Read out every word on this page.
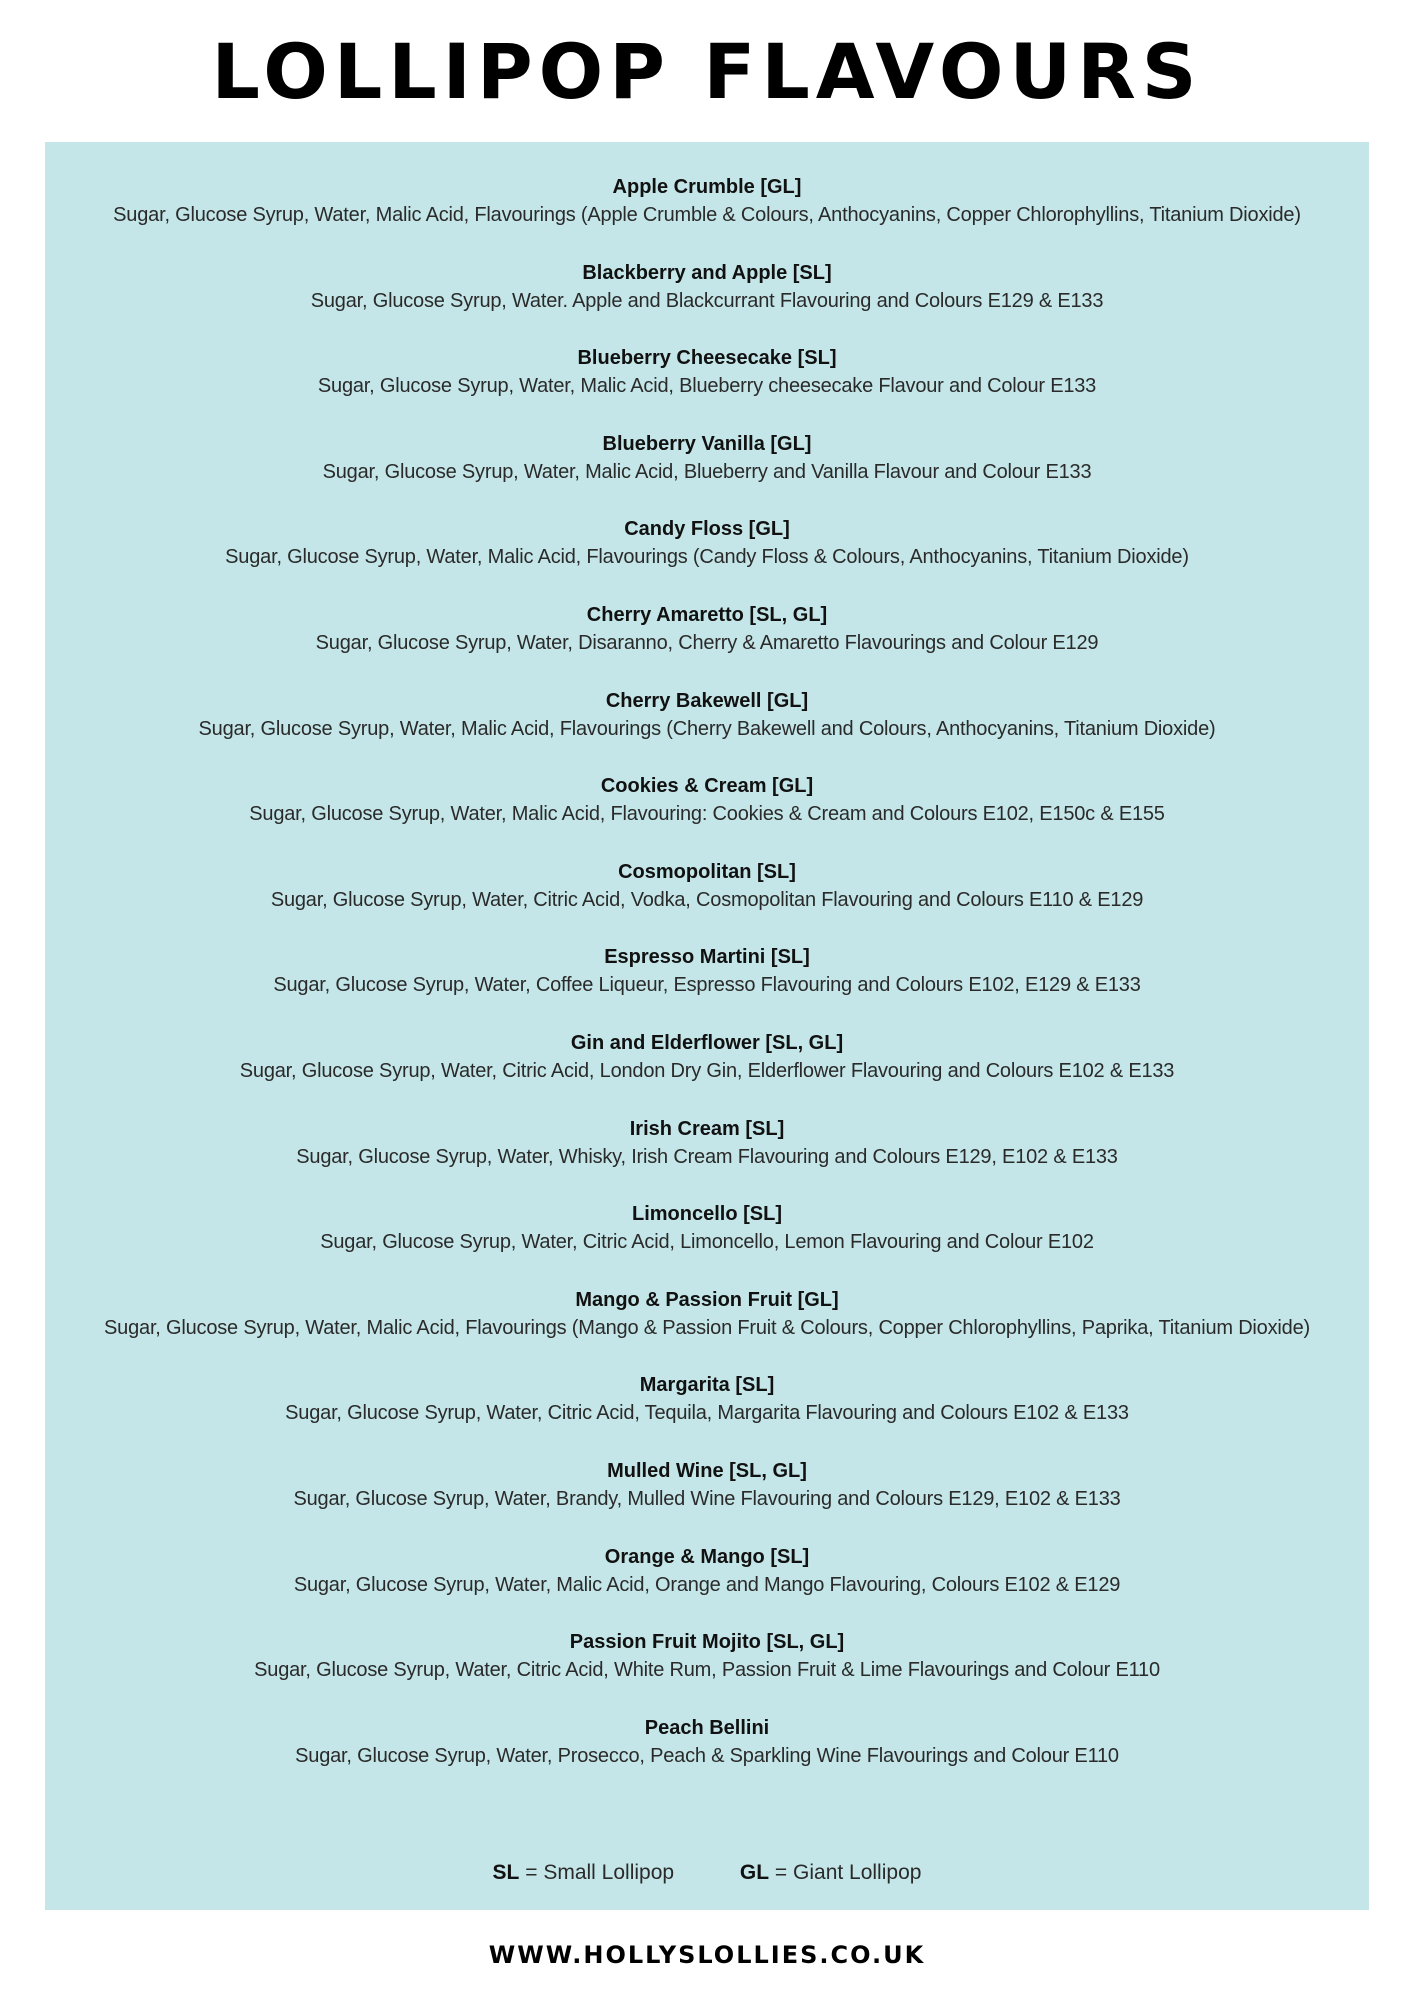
LOLLIPOP FLAVOURS
Apple Crumble [GL]
Sugar, Glucose Syrup, Water, Malic Acid, Flavourings (Apple Crumble & Colours, Anthocyanins, Copper Chlorophyllins, Titanium Dioxide)
Blackberry and Apple [SL]
Sugar, Glucose Syrup, Water. Apple and Blackcurrant Flavouring and Colours E129 & E133
Blueberry Cheesecake [SL]
Sugar, Glucose Syrup, Water, Malic Acid, Blueberry cheesecake Flavour and Colour E133
Blueberry Vanilla [GL]
Sugar, Glucose Syrup, Water, Malic Acid, Blueberry and Vanilla Flavour and Colour E133
Candy Floss [GL]
Sugar, Glucose Syrup, Water, Malic Acid, Flavourings (Candy Floss & Colours, Anthocyanins, Titanium Dioxide)
Cherry Amaretto [SL, GL]
Sugar, Glucose Syrup, Water, Disaranno, Cherry & Amaretto Flavourings and Colour E129
Cherry Bakewell [GL]
Sugar, Glucose Syrup, Water, Malic Acid, Flavourings (Cherry Bakewell and Colours, Anthocyanins, Titanium Dioxide)
Cookies & Cream [GL]
Sugar, Glucose Syrup, Water, Malic Acid, Flavouring: Cookies & Cream and Colours E102, E150c & E155
Cosmopolitan [SL]
Sugar, Glucose Syrup, Water, Citric Acid, Vodka, Cosmopolitan Flavouring and Colours E110 & E129
Espresso Martini [SL]
Sugar, Glucose Syrup, Water, Coffee Liqueur, Espresso Flavouring and Colours E102, E129 & E133
Gin and Elderflower [SL, GL]
Sugar, Glucose Syrup, Water, Citric Acid, London Dry Gin, Elderflower Flavouring and Colours E102 & E133
Irish Cream [SL]
Sugar, Glucose Syrup, Water, Whisky, Irish Cream Flavouring and Colours E129, E102 & E133
Limoncello [SL]
Sugar, Glucose Syrup, Water, Citric Acid, Limoncello, Lemon Flavouring and Colour E102
Mango & Passion Fruit [GL]
Sugar, Glucose Syrup, Water, Malic Acid, Flavourings (Mango & Passion Fruit & Colours, Copper Chlorophyllins, Paprika, Titanium Dioxide)
Margarita [SL]
Sugar, Glucose Syrup, Water, Citric Acid, Tequila, Margarita Flavouring and Colours E102 & E133
Mulled Wine [SL, GL]
Sugar, Glucose Syrup, Water, Brandy, Mulled Wine Flavouring and Colours E129, E102 & E133
Orange & Mango [SL]
Sugar, Glucose Syrup, Water, Malic Acid, Orange and Mango Flavouring, Colours E102 & E129
Passion Fruit Mojito [SL, GL]
Sugar, Glucose Syrup, Water, Citric Acid, White Rum, Passion Fruit & Lime Flavourings and Colour E110
Peach Bellini
Sugar, Glucose Syrup, Water, Prosecco, Peach & Sparkling Wine Flavourings and Colour E110
SL = Small Lollipop	GL = Giant Lollipop
WWW.HOLLYSLOLLIES.CO.UK
